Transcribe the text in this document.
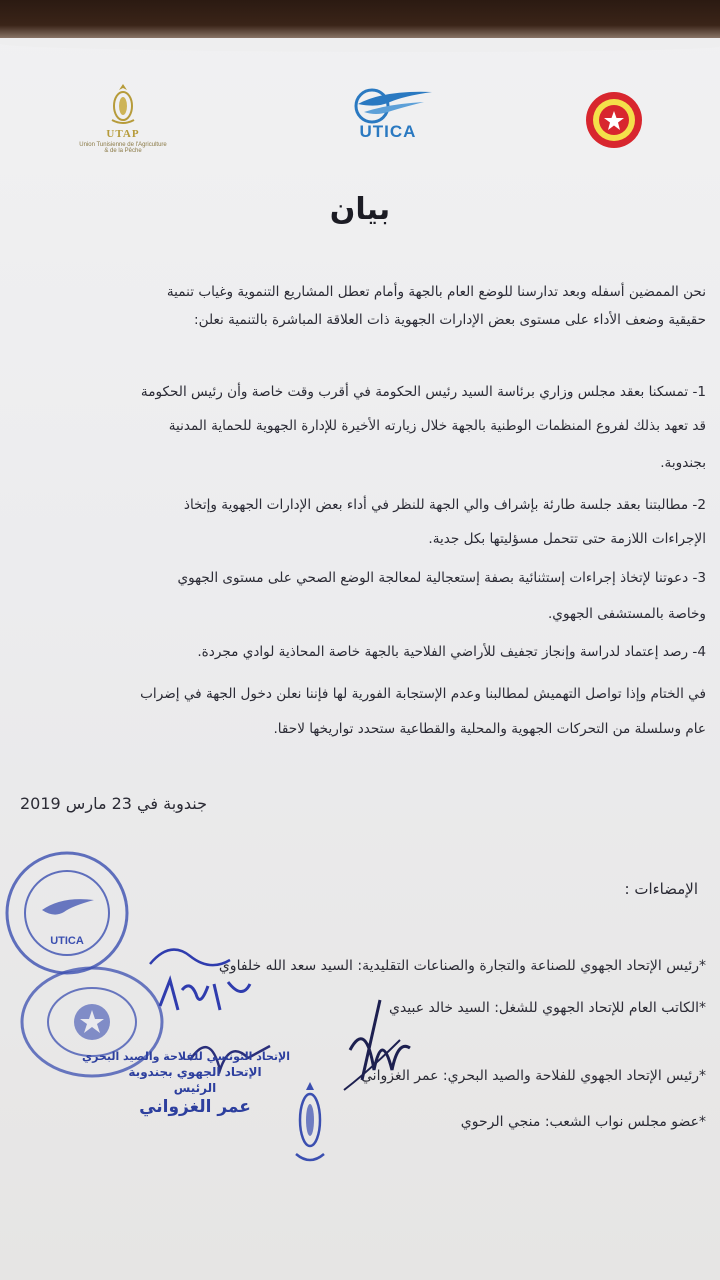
UTAP
Union Tunisienne de l'Agriculture & de la Pêche
UTICA
بيان
نحن الممضين أسفله وبعد تدارسنا للوضع العام بالجهة وأمام تعطل المشاريع التنموية وغياب تنمية
حقيقية وضعف الأداء على مستوى بعض الإدارات الجهوية ذات العلاقة المباشرة بالتنمية نعلن:
1- تمسكنا بعقد مجلس وزاري برئاسة السيد رئيس الحكومة في أقرب وقت خاصة وأن رئيس الحكومة
قد تعهد بذلك لفروع المنظمات الوطنية بالجهة خلال زيارته الأخيرة للإدارة الجهوية للحماية المدنية
بجندوبة.
2- مطالبتنا بعقد جلسة طارئة بإشراف والي الجهة للنظر في أداء بعض الإدارات الجهوية وإتخاذ
الإجراءات اللازمة حتى تتحمل مسؤليتها بكل جدية.
3- دعوتنا لإتخاذ إجراءات إستثنائية بصفة إستعجالية لمعالجة الوضع الصحي على مستوى الجهوي
وخاصة بالمستشفى الجهوي.
4- رصد إعتماد لدراسة وإنجاز تجفيف للأراضي الفلاحية بالجهة خاصة المحاذية لوادي مجردة.
في الختام وإذا تواصل التهميش لمطالبنا وعدم الإستجابة الفورية لها فإننا نعلن دخول الجهة في إضراب
عام وسلسلة من التحركات الجهوية والمحلية والقطاعية ستحدد تواريخها لاحقا.
جندوبة في 23 مارس 2019
الإمضاءات :
*رئيس الإتحاد الجهوي للصناعة والتجارة والصناعات التقليدية: السيد سعد الله خلفاوي
*الكاتب العام للإتحاد الجهوي للشغل: السيد خالد عبيدي
*رئيس الإتحاد الجهوي للفلاحة والصيد البحري: عمر الغزواني
*عضو مجلس نواب الشعب: منجي الرحوي
UTICA
الإتحاد التونسي للفلاحة والصيد البحري
الإتحاد الجهوي بجندوبة
الرئيس
عمر الغزواني
